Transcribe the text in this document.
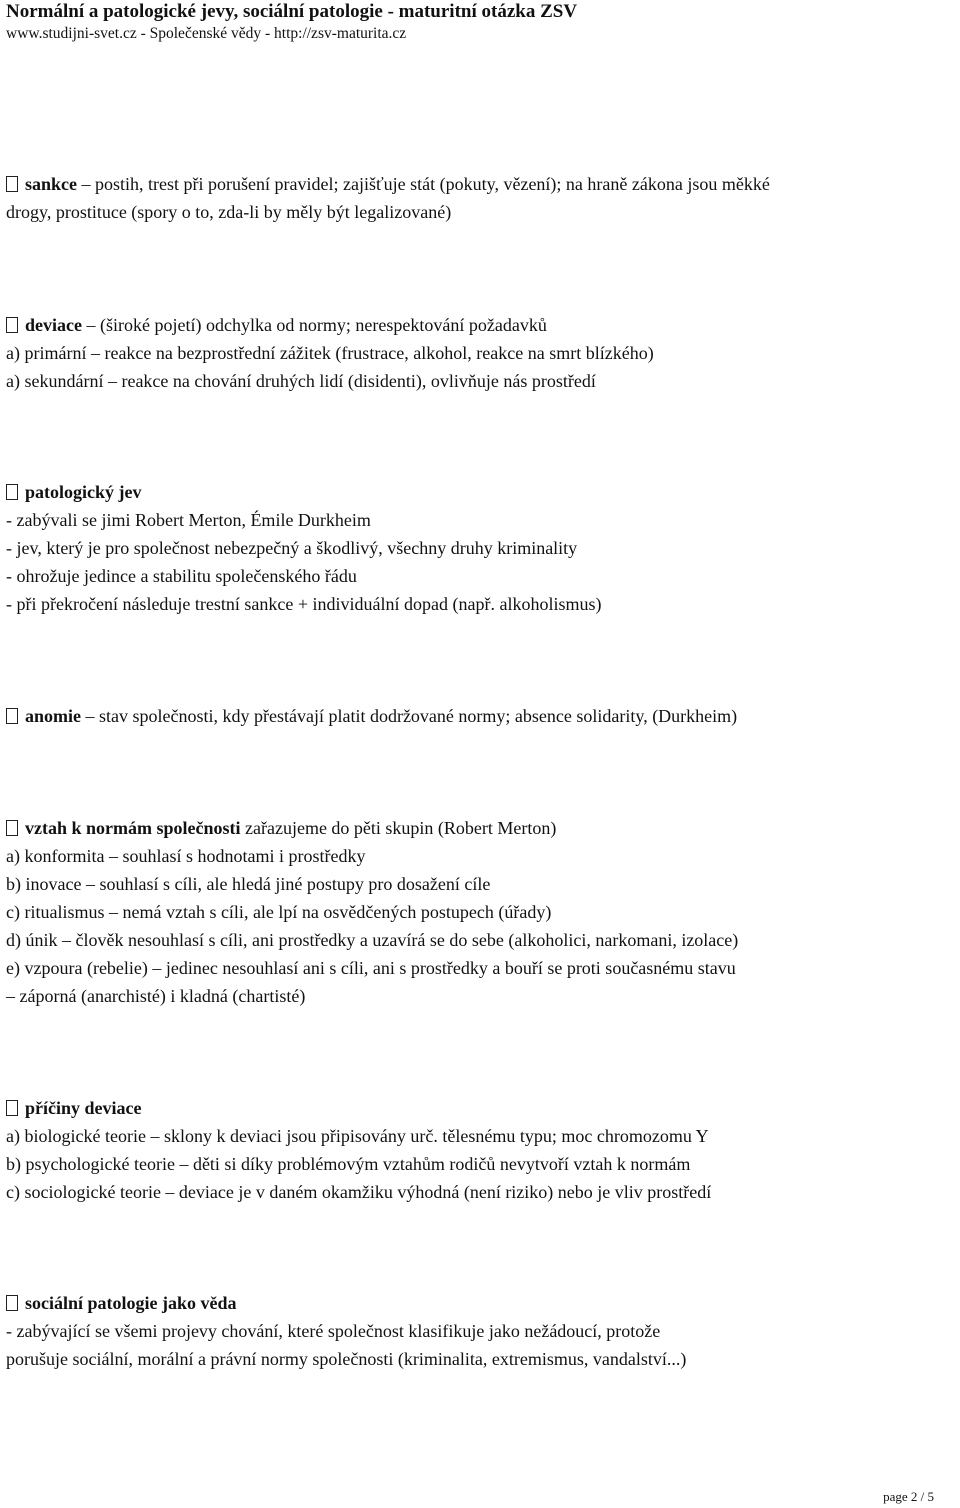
Normální a patologické jevy, sociální patologie - maturitní otázka ZSV
www.studijni-svet.cz - Společenské vědy - http://zsv-maturita.cz
sankce – postih, trest při porušení pravidel; zajišťuje stát (pokuty, vězení); na hraně zákona jsou měkké
drogy, prostituce (spory o to, zda-li by měly být legalizované)
deviace – (široké pojetí) odchylka od normy; nerespektování požadavků
a) primární – reakce na bezprostřední zážitek (frustrace, alkohol, reakce na smrt blízkého)
a) sekundární – reakce na chování druhých lidí (disidenti), ovlivňuje nás prostředí
patologický jev
- zabývali se jimi Robert Merton, Émile Durkheim
- jev, který je pro společnost nebezpečný a škodlivý, všechny druhy kriminality
- ohrožuje jedince a stabilitu společenského řádu
- při překročení následuje trestní sankce + individuální dopad (např. alkoholismus)
anomie – stav společnosti, kdy přestávají platit dodržované normy; absence solidarity, (Durkheim)
vztah k normám společnosti zařazujeme do pěti skupin (Robert Merton)
a) konformita – souhlasí s hodnotami i prostředky
b) inovace – souhlasí s cíli, ale hledá jiné postupy pro dosažení cíle
c) ritualismus – nemá vztah s cíli, ale lpí na osvědčených postupech (úřady)
d) únik – člověk nesouhlasí s cíli, ani prostředky a uzavírá se do sebe (alkoholici, narkomani, izolace)
e) vzpoura (rebelie) – jedinec nesouhlasí ani s cíli, ani s prostředky a bouří se proti současnému stavu
– záporná (anarchisté) i kladná (chartisté)
příčiny deviace
a) biologické teorie – sklony k deviaci jsou připisovány urč. tělesnému typu; moc chromozomu Y
b) psychologické teorie – děti si díky problémovým vztahům rodičů nevytvoří vztah k normám
c) sociologické teorie – deviace je v daném okamžiku výhodná (není riziko) nebo je vliv prostředí
sociální patologie jako věda
- zabývající se všemi projevy chování, které společnost klasifikuje jako nežádoucí, protože
porušuje sociální, morální a právní normy společnosti (kriminalita, extremismus, vandalství...)
page 2 / 5
